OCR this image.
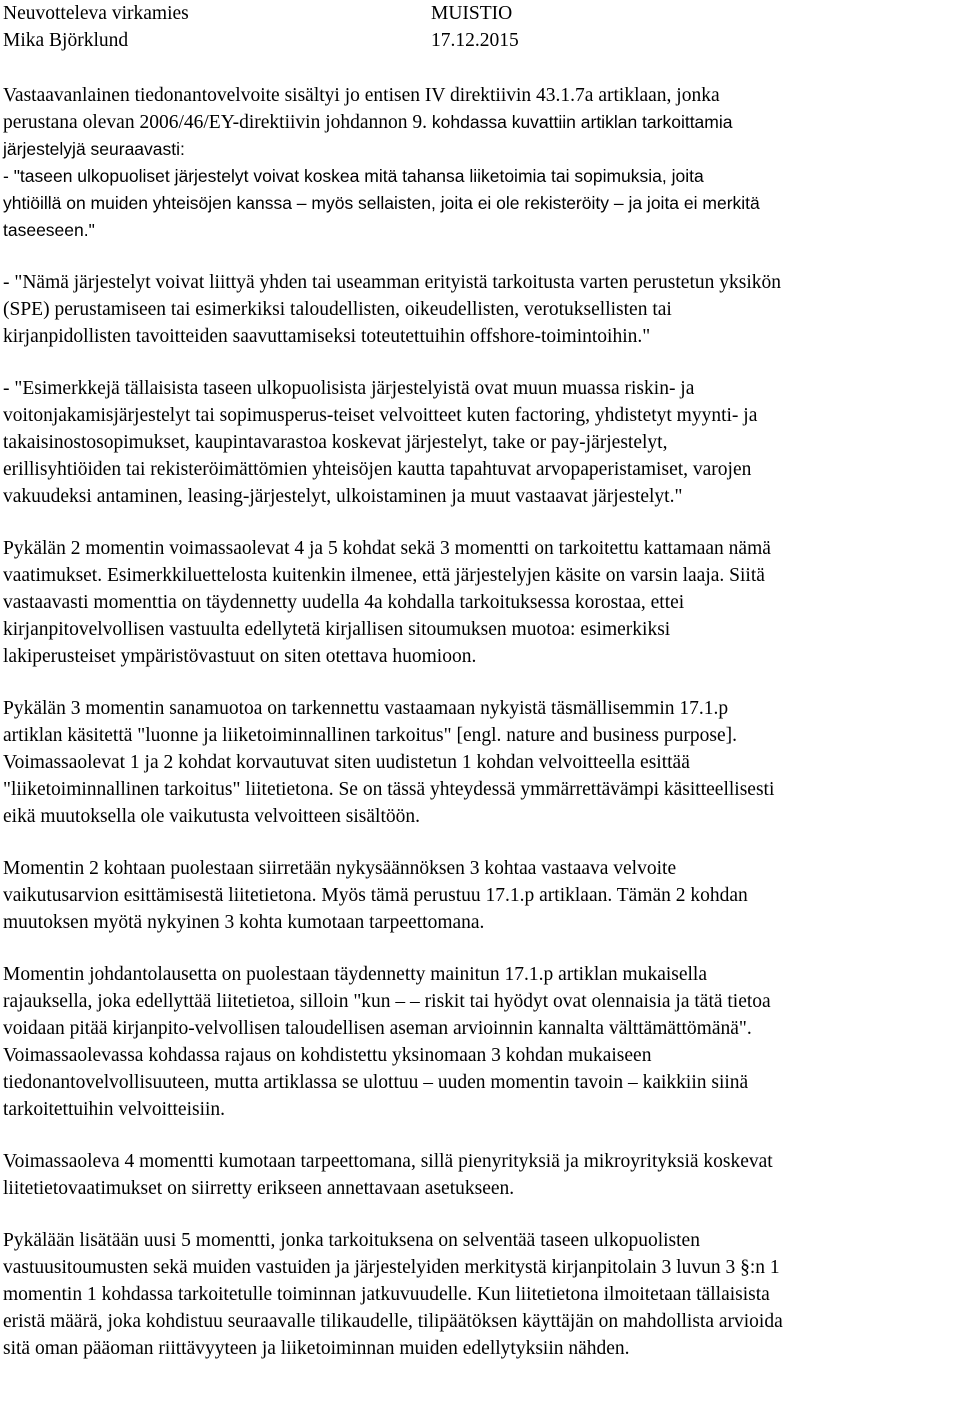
Neuvotteleva virkamies
Mika Björklund
MUISTIO
17.12.2015
Vastaavanlainen tiedonantovelvoite sisältyi jo entisen IV direktiivin 43.1.7a artiklaan, jonka
perustana olevan 2006/46/EY-direktiivin johdannon 9. kohdassa kuvattiin artiklan tarkoittamia
järjestelyjä seuraavasti:
- "taseen ulkopuoliset järjestelyt voivat koskea mitä tahansa liiketoimia tai sopimuksia, joita
yhtiöillä on muiden yhteisöjen kanssa – myös sellaisten, joita ei ole rekisteröity – ja joita ei merkitä
taseeseen."
- "Nämä järjestelyt voivat liittyä yhden tai useamman erityistä tarkoitusta varten perustetun yksikön
(SPE) perustamiseen tai esimerkiksi taloudellisten, oikeudellisten, verotuksellisten tai
kirjanpidollisten tavoitteiden saavuttamiseksi toteutettuihin offshore-toimintoihin."
- "Esimerkkejä tällaisista taseen ulkopuolisista järjestelyistä ovat muun muassa riskin- ja
voitonjakamisjärjestelyt tai sopimusperus-teiset velvoitteet kuten factoring, yhdistetyt myynti- ja
takaisinostosopimukset, kaupintavarastoa koskevat järjestelyt, take or pay-järjestelyt,
erillisyhtiöiden tai rekisteröimättömien yhteisöjen kautta tapahtuvat arvopaperistamiset, varojen
vakuudeksi antaminen, leasing-järjestelyt, ulkoistaminen ja muut vastaavat järjestelyt."
Pykälän 2 momentin voimassaolevat 4 ja 5 kohdat sekä 3 momentti on tarkoitettu kattamaan nämä
vaatimukset. Esimerkkiluettelosta kuitenkin ilmenee, että järjestelyjen käsite on varsin laaja. Siitä
vastaavasti momenttia on täydennetty uudella 4a kohdalla tarkoituksessa korostaa, ettei
kirjanpitovelvollisen vastuulta edellytetä kirjallisen sitoumuksen muotoa: esimerkiksi
lakiperusteiset ympäristövastuut on siten otettava huomioon.
Pykälän 3 momentin sanamuotoa on tarkennettu vastaamaan nykyistä täsmällisemmin 17.1.p
artiklan käsitettä "luonne ja liiketoiminnallinen tarkoitus" [engl. nature and business purpose].
Voimassaolevat 1 ja 2 kohdat korvautuvat siten uudistetun 1 kohdan velvoitteella esittää
"liiketoiminnallinen tarkoitus" liitetietona. Se on tässä yhteydessä ymmärrettävämpi käsitteellisesti
eikä muutoksella ole vaikutusta velvoitteen sisältöön.
Momentin 2 kohtaan puolestaan siirretään nykysäännöksen 3 kohtaa vastaava velvoite
vaikutusarvion esittämisestä liitetietona. Myös tämä perustuu 17.1.p artiklaan. Tämän 2 kohdan
muutoksen myötä nykyinen 3 kohta kumotaan tarpeettomana.
Momentin johdantolausetta on puolestaan täydennetty mainitun 17.1.p artiklan mukaisella
rajauksella, joka edellyttää liitetietoa, silloin "kun – – riskit tai hyödyt ovat olennaisia ja tätä tietoa
voidaan pitää kirjanpito-velvollisen taloudellisen aseman arvioinnin kannalta välttämättömänä".
Voimassaolevassa kohdassa rajaus on kohdistettu yksinomaan 3 kohdan mukaiseen
tiedonantovelvollisuuteen, mutta artiklassa se ulottuu – uuden momentin tavoin – kaikkiin siinä
tarkoitettuihin velvoitteisiin.
Voimassaoleva 4 momentti kumotaan tarpeettomana, sillä pienyrityksiä ja mikroyrityksiä koskevat
liitetietovaatimukset on siirretty erikseen annettavaan asetukseen.
Pykälään lisätään uusi 5 momentti, jonka tarkoituksena on selventää taseen ulkopuolisten
vastuusitoumusten sekä muiden vastuiden ja järjestelyiden merkitystä kirjanpitolain 3 luvun 3 §:n 1
momentin 1 kohdassa tarkoitetulle toiminnan jatkuvuudelle. Kun liitetietona ilmoitetaan tällaisista
eristä määrä, joka kohdistuu seuraavalle tilikaudelle, tilipäätöksen käyttäjän on mahdollista arvioida
sitä oman pääoman riittävyyteen ja liiketoiminnan muiden edellytyksiin nähden.
